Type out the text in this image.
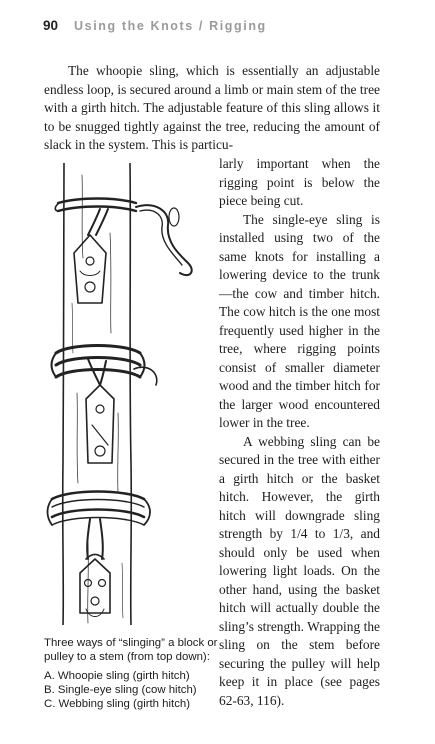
90 Using the Knots / Rigging

The whoopie sling, which is essentially an adjustable endless loop, is secured around a limb or main stem of the tree with a girth hitch. The adjustable feature of this sling allows it to be snugged tightly against the tree, reducing the amount of slack in the system. This is particu-

larly important when the rigging point is below the piece being cut.

The single-eye sling is installed using two of the same knots for installing a lowering device to the trunk—the cow and timber hitch. The cow hitch is the one most frequently used higher in the tree, where rigging points consist of smaller diameter wood and the timber hitch for the larger wood encountered lower in the tree.

A webbing sling can be secured in the tree with either a girth hitch or the basket hitch. However, the girth hitch will downgrade sling strength by 1/4 to 1/3, and should only be used when lowering light loads. On the other hand, using the basket hitch will actually double the sling’s strength. Wrapping the sling on the stem before securing the pulley will help keep it in place (see pages 62-63, 116).

Three ways of “slinging” a block or pulley to a stem (from top down):
A. Whoopie sling (girth hitch)
B. Single-eye sling (cow hitch)
C. Webbing sling (girth hitch)
